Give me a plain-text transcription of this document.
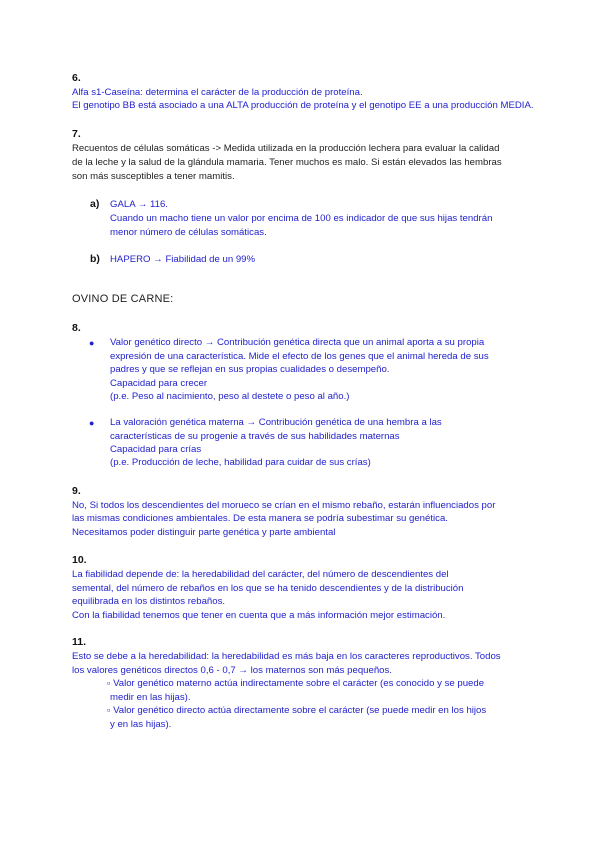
6.
Alfa s1-Caseína: determina el carácter de la producción de proteína.
El genotipo BB está asociado a una ALTA producción de proteína y el genotipo EE a una producción MEDIA.
7.
Recuentos de células somáticas -> Medida utilizada en la producción lechera para evaluar la calidad
de la leche y la salud de la glándula mamaria. Tener muchos es malo. Si están elevados las hembras
son más susceptibles a tener mamitis.
a) GALA → 116.
Cuando un macho tiene un valor por encima de 100 es indicador de que sus hijas tendrán
menor número de células somáticas.
b) HAPERO → Fiabilidad de un 99%
OVINO DE CARNE:
8.
● Valor genético directo → Contribución genética directa que un animal aporta a su propia
expresión de una característica. Mide el efecto de los genes que el animal hereda de sus
padres y que se reflejan en sus propias cualidades o desempeño.
Capacidad para crecer
(p.e. Peso al nacimiento, peso al destete o peso al año.)
● La valoración genética materna → Contribución genética de una hembra a las
características de su progenie a través de sus habilidades maternas
Capacidad para crías
(p.e. Producción de leche, habilidad para cuidar de sus crías)
9.
No, Si todos los descendientes del morueco se crían en el mismo rebaño, estarán influenciados por
las mismas condiciones ambientales. De esta manera se podría subestimar su genética.
Necesitamos poder distinguir parte genética y parte ambiental
10.
La fiabilidad depende de: la heredabilidad del carácter, del número de descendientes del
semental, del número de rebaños en los que se ha tenido descendientes y de la distribución
equilibrada en los distintos rebaños.
Con la fiabilidad tenemos que tener en cuenta que a más información mejor estimación.
11.
Esto se debe a la heredabilidad: la heredabilidad es más baja en los caracteres reproductivos. Todos
los valores genéticos directos 0,6 - 0,7 → los maternos son más pequeños.
▫ Valor genético materno actúa indirectamente sobre el carácter (es conocido y se puede
medir en las hijas).
▫ Valor genético directo actúa directamente sobre el carácter (se puede medir en los hijos
y en las hijas).
